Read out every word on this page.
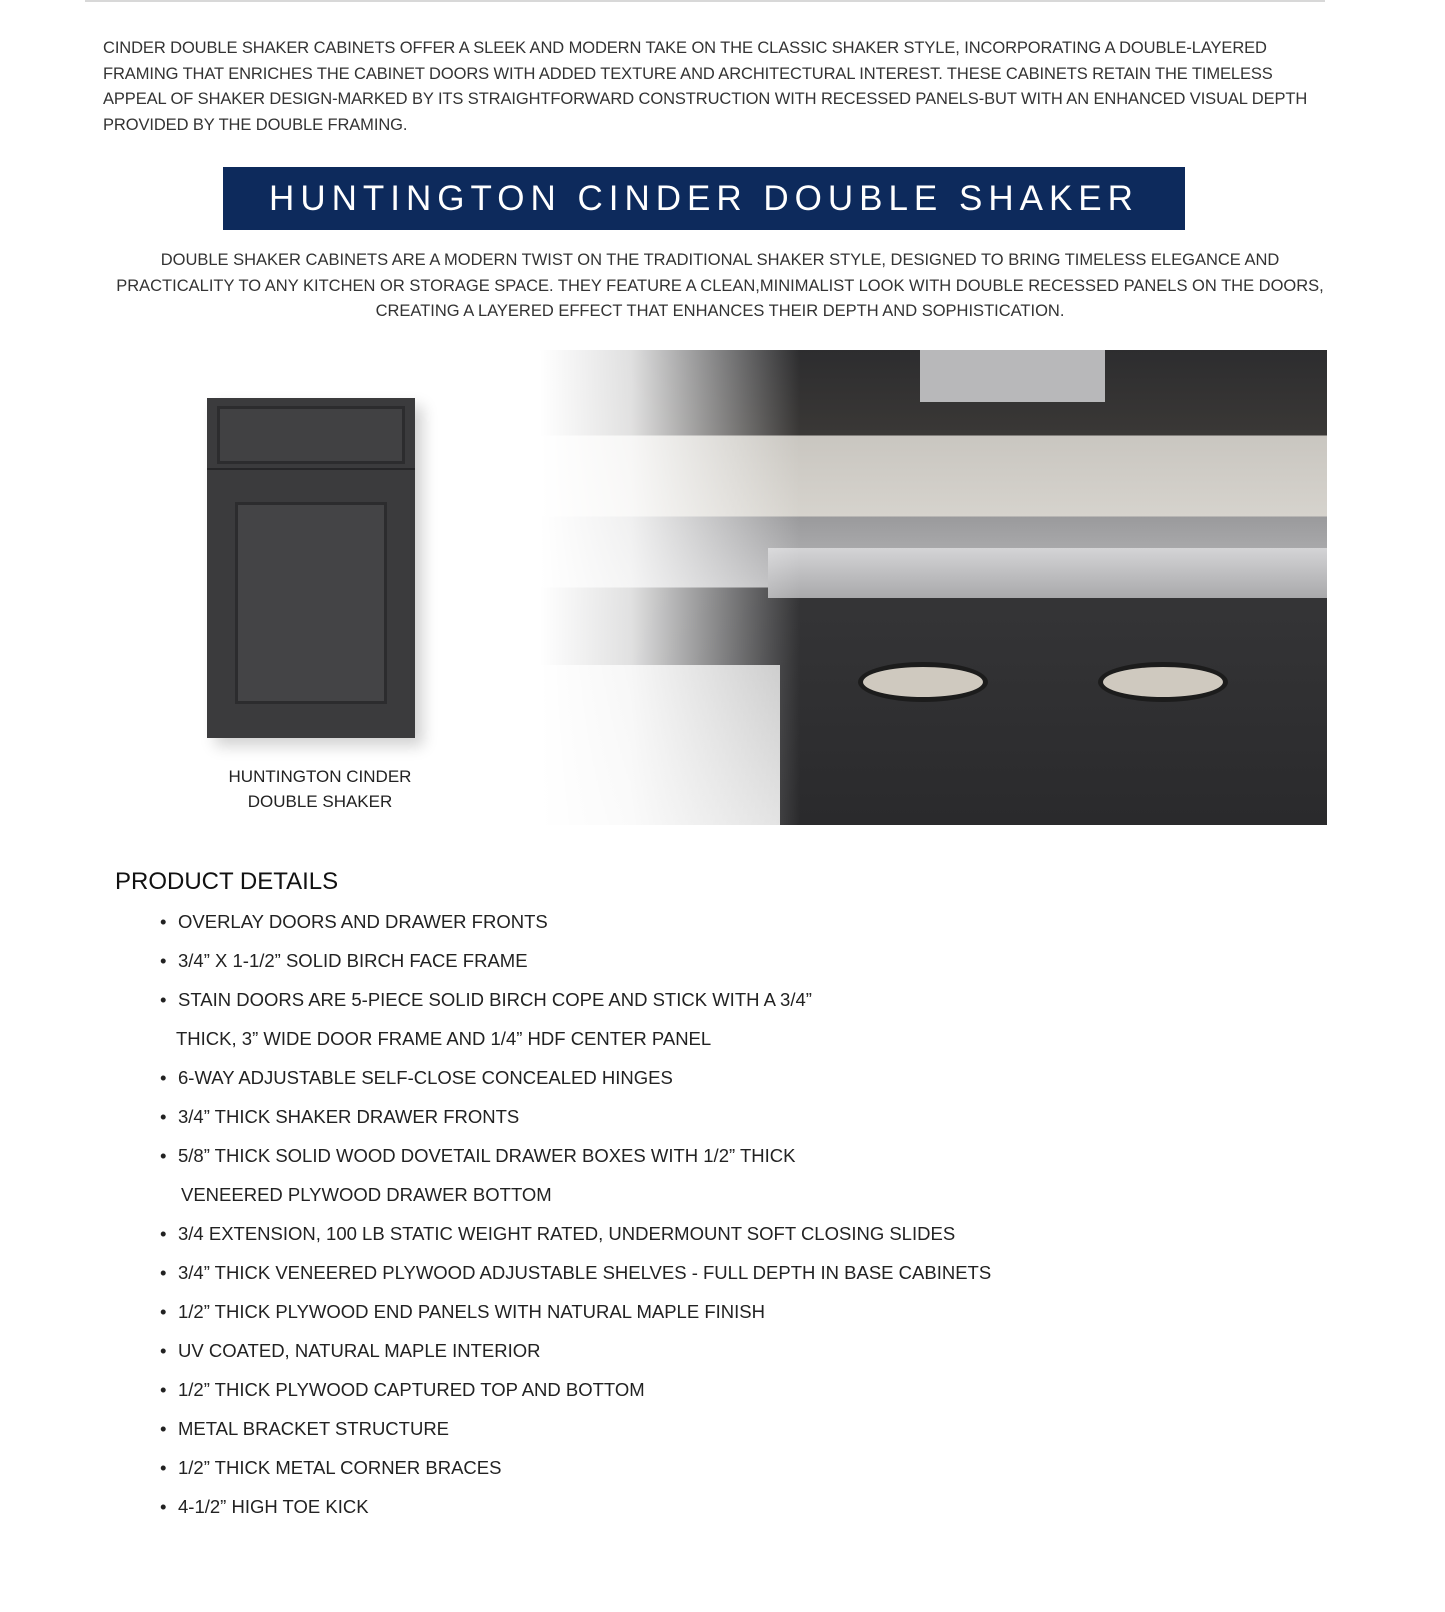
CINDER DOUBLE SHAKER CABINETS OFFER A SLEEK AND MODERN TAKE ON THE CLASSIC SHAKER STYLE, INCORPORATING A DOUBLE-LAYERED FRAMING THAT ENRICHES THE CABINET DOORS WITH ADDED TEXTURE AND ARCHITECTURAL INTEREST. THESE CABINETS RETAIN THE TIMELESS APPEAL OF SHAKER DESIGN-MARKED BY ITS STRAIGHTFORWARD CONSTRUCTION WITH RECESSED PANELS-BUT WITH AN ENHANCED VISUAL DEPTH PROVIDED BY THE DOUBLE FRAMING.

HUNTINGTON CINDER DOUBLE SHAKER

DOUBLE SHAKER CABINETS ARE A MODERN TWIST ON THE TRADITIONAL SHAKER STYLE, DESIGNED TO BRING TIMELESS ELEGANCE AND PRACTICALITY TO ANY KITCHEN OR STORAGE SPACE. THEY FEATURE A CLEAN,MINIMALIST LOOK WITH DOUBLE RECESSED PANELS ON THE DOORS, CREATING A LAYERED EFFECT THAT ENHANCES THEIR DEPTH AND SOPHISTICATION.

HUNTINGTON CINDER
DOUBLE SHAKER
PRODUCT DETAILS
• OVERLAY DOORS AND DRAWER FRONTS
• 3/4” X 1-1/2” SOLID BIRCH FACE FRAME
• STAIN DOORS ARE 5-PIECE SOLID BIRCH COPE AND STICK WITH A 3/4”
THICK, 3” WIDE DOOR FRAME AND 1/4” HDF CENTER PANEL
• 6-WAY ADJUSTABLE SELF-CLOSE CONCEALED HINGES
• 3/4” THICK SHAKER DRAWER FRONTS
• 5/8” THICK SOLID WOOD DOVETAIL DRAWER BOXES WITH 1/2” THICK
VENEERED PLYWOOD DRAWER BOTTOM
• 3/4 EXTENSION, 100 LB STATIC WEIGHT RATED, UNDERMOUNT SOFT CLOSING SLIDES
• 3/4” THICK VENEERED PLYWOOD ADJUSTABLE SHELVES - FULL DEPTH IN BASE CABINETS
• 1/2” THICK PLYWOOD END PANELS WITH NATURAL MAPLE FINISH
• UV COATED, NATURAL MAPLE INTERIOR
• 1/2” THICK PLYWOOD CAPTURED TOP AND BOTTOM
• METAL BRACKET STRUCTURE
• 1/2” THICK METAL CORNER BRACES
• 4-1/2” HIGH TOE KICK
